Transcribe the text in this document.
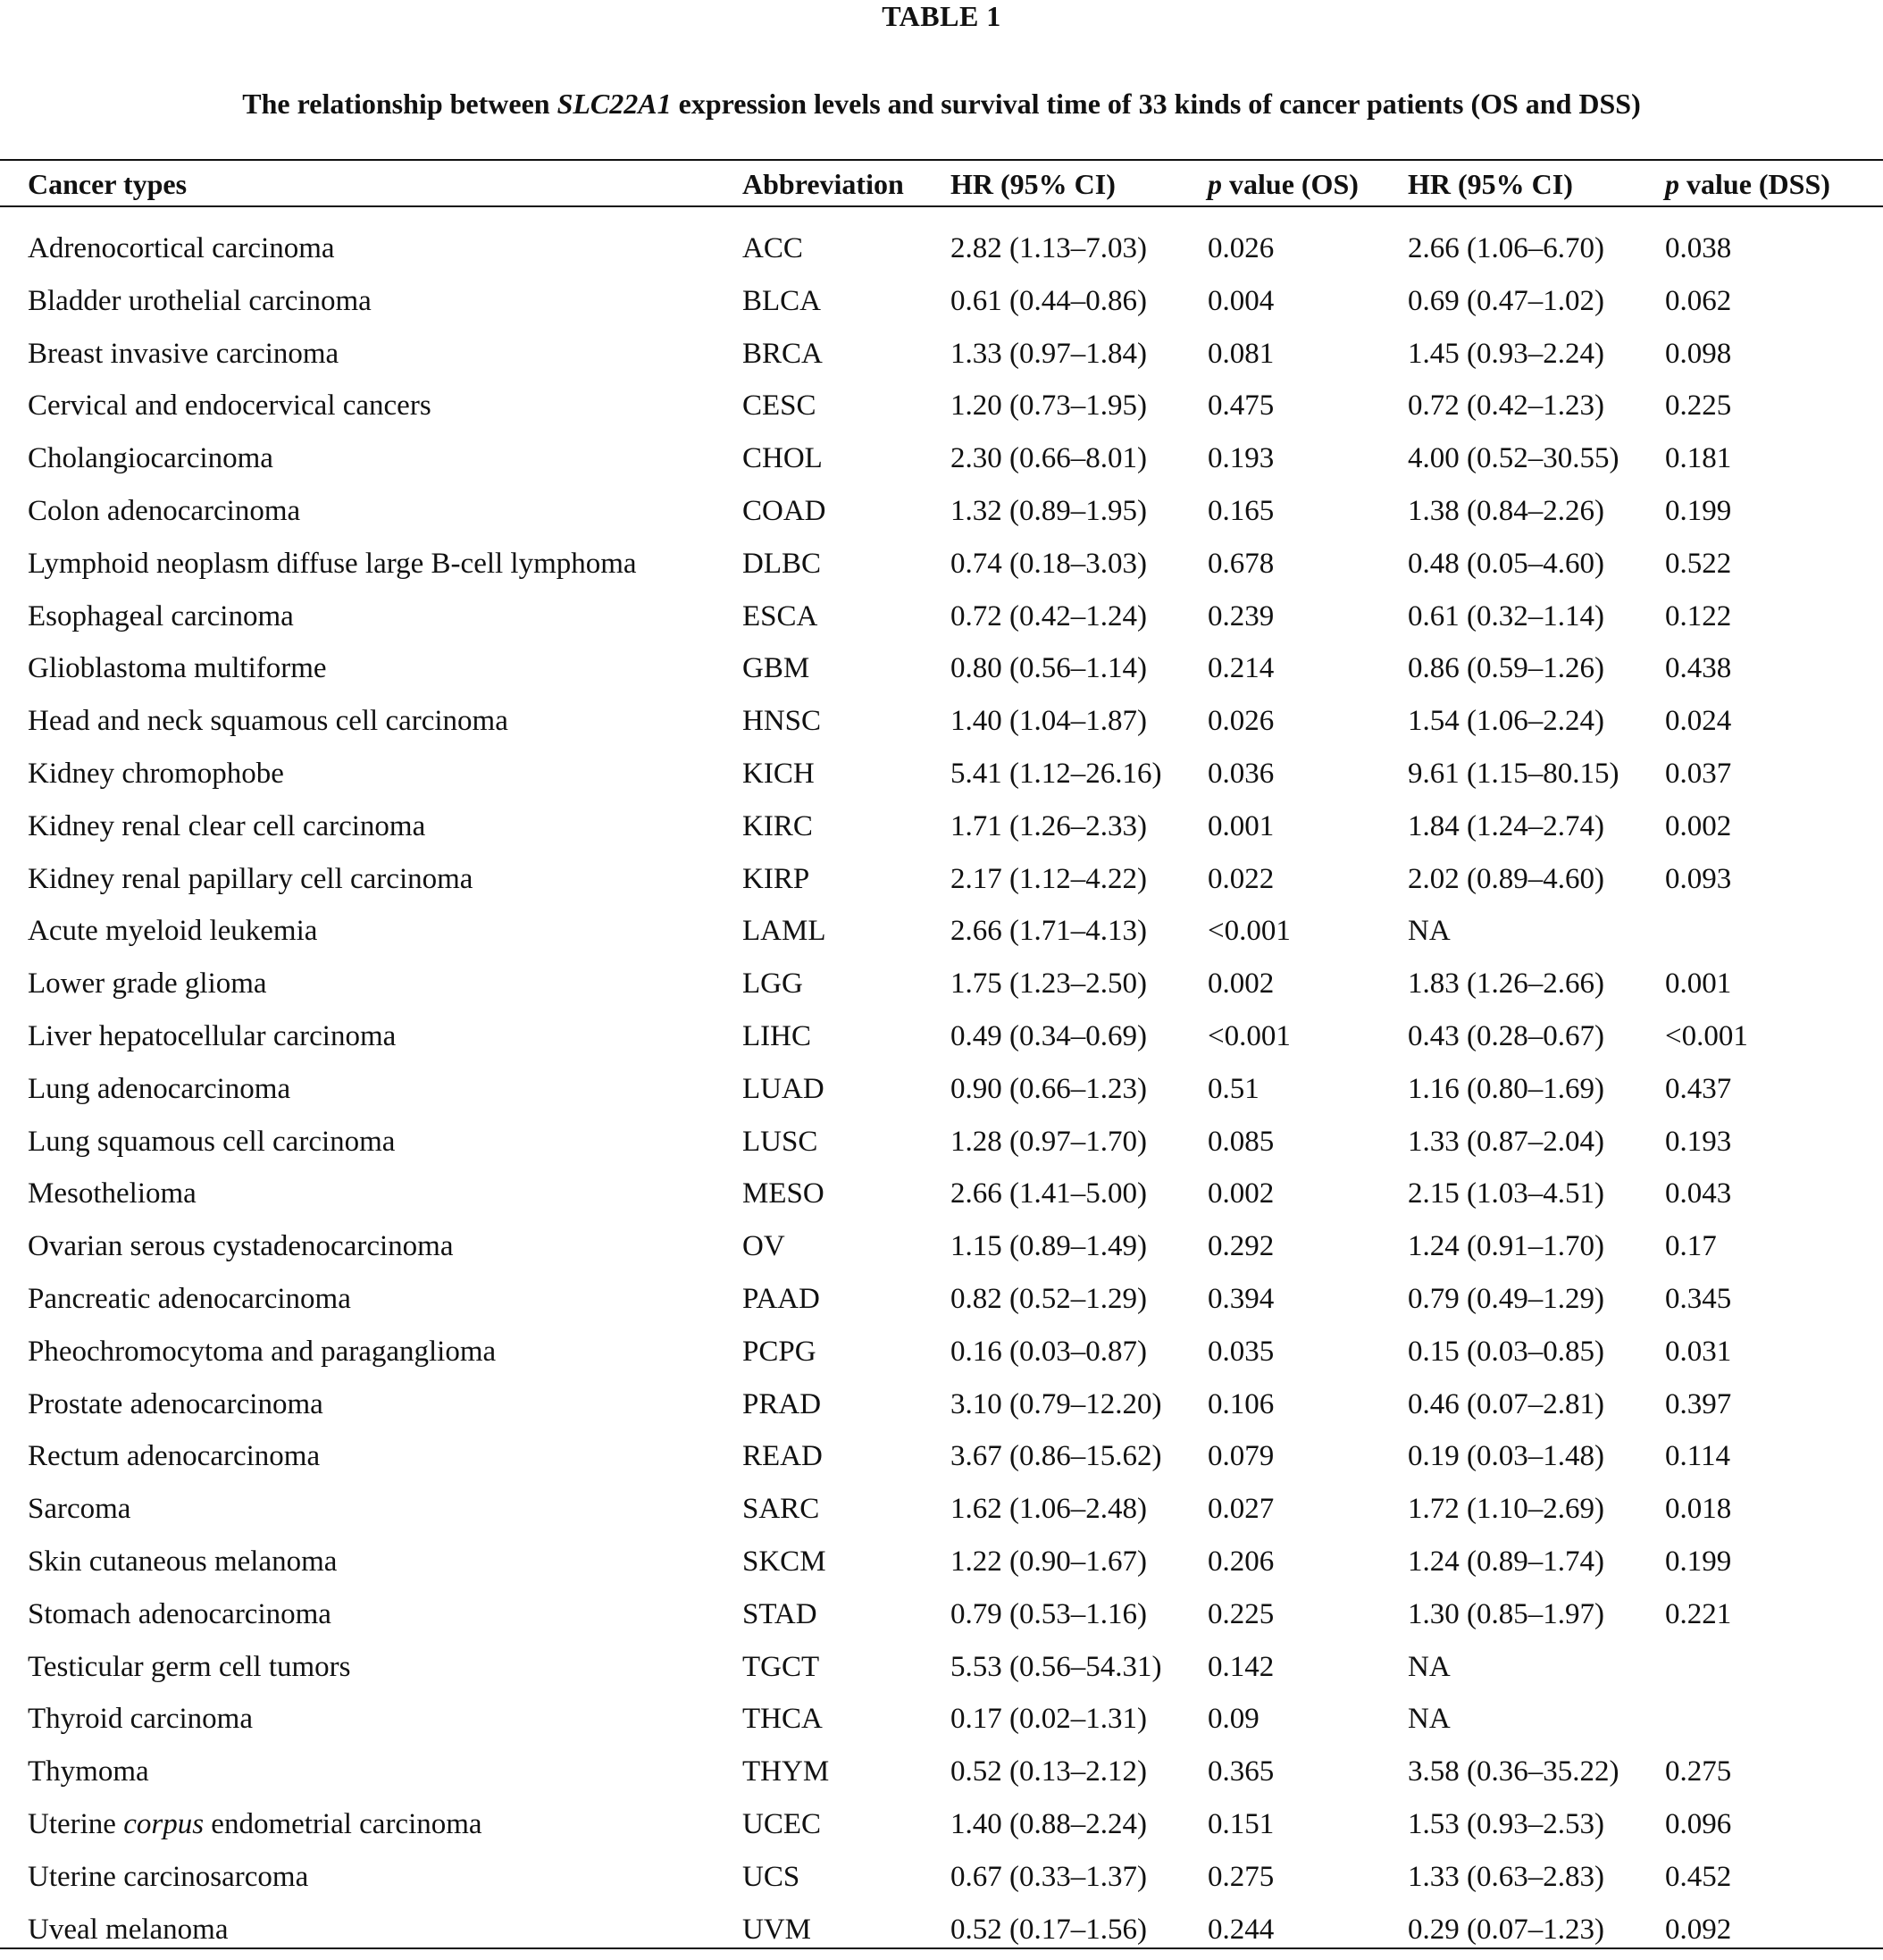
TABLE 1
The relationship between SLC22A1 expression levels and survival time of 33 kinds of cancer patients (OS and DSS)
Cancer types	Abbreviation HR (95% CI)	p value (OS) HR (95% CI)	p value (DSS)
Adrenocortical carcinoma	ACC	2.82 (1.13–7.03) 0.026	2.66 (1.06–6.70) 0.038
Bladder urothelial carcinoma	BLCA	0.61 (0.44–0.86) 0.004	0.69 (0.47–1.02) 0.062
Breast invasive carcinoma	BRCA	1.33 (0.97–1.84) 0.081	1.45 (0.93–2.24) 0.098
Cervical and endocervical cancers	CESC	1.20 (0.73–1.95) 0.475	0.72 (0.42–1.23) 0.225
Cholangiocarcinoma	CHOL	2.30 (0.66–8.01) 0.193	4.00 (0.52–30.55) 0.181
Colon adenocarcinoma	COAD	1.32 (0.89–1.95) 0.165	1.38 (0.84–2.26) 0.199
Lymphoid neoplasm diffuse large B-cell lymphoma	DLBC	0.74 (0.18–3.03) 0.678	0.48 (0.05–4.60) 0.522
Esophageal carcinoma	ESCA	0.72 (0.42–1.24) 0.239	0.61 (0.32–1.14) 0.122
Glioblastoma multiforme	GBM	0.80 (0.56–1.14) 0.214	0.86 (0.59–1.26) 0.438
Head and neck squamous cell carcinoma	HNSC	1.40 (1.04–1.87) 0.026	1.54 (1.06–2.24) 0.024
Kidney chromophobe	KICH	5.41 (1.12–26.16) 0.036	9.61 (1.15–80.15) 0.037
Kidney renal clear cell carcinoma	KIRC	1.71 (1.26–2.33) 0.001	1.84 (1.24–2.74) 0.002
Kidney renal papillary cell carcinoma	KIRP	2.17 (1.12–4.22) 0.022	2.02 (0.89–4.60) 0.093
Acute myeloid leukemia	LAML	2.66 (1.71–4.13) <0.001	NA
Lower grade glioma	LGG	1.75 (1.23–2.50) 0.002	1.83 (1.26–2.66) 0.001
Liver hepatocellular carcinoma	LIHC	0.49 (0.34–0.69) <0.001	0.43 (0.28–0.67) <0.001
Lung adenocarcinoma	LUAD	0.90 (0.66–1.23) 0.51	1.16 (0.80–1.69) 0.437
Lung squamous cell carcinoma	LUSC	1.28 (0.97–1.70) 0.085	1.33 (0.87–2.04) 0.193
Mesothelioma	MESO	2.66 (1.41–5.00) 0.002	2.15 (1.03–4.51) 0.043
Ovarian serous cystadenocarcinoma	OV	1.15 (0.89–1.49) 0.292	1.24 (0.91–1.70) 0.17
Pancreatic adenocarcinoma	PAAD	0.82 (0.52–1.29) 0.394	0.79 (0.49–1.29) 0.345
Pheochromocytoma and paraganglioma	PCPG	0.16 (0.03–0.87) 0.035	0.15 (0.03–0.85) 0.031
Prostate adenocarcinoma	PRAD	3.10 (0.79–12.20) 0.106	0.46 (0.07–2.81) 0.397
Rectum adenocarcinoma	READ	3.67 (0.86–15.62) 0.079	0.19 (0.03–1.48) 0.114
Sarcoma	SARC	1.62 (1.06–2.48) 0.027	1.72 (1.10–2.69) 0.018
Skin cutaneous melanoma	SKCM	1.22 (0.90–1.67) 0.206	1.24 (0.89–1.74) 0.199
Stomach adenocarcinoma	STAD	0.79 (0.53–1.16) 0.225	1.30 (0.85–1.97) 0.221
Testicular germ cell tumors	TGCT	5.53 (0.56–54.31) 0.142	NA
Thyroid carcinoma	THCA	0.17 (0.02–1.31) 0.09	NA
Thymoma	THYM	0.52 (0.13–2.12) 0.365	3.58 (0.36–35.22) 0.275
Uterine corpus endometrial carcinoma	UCEC	1.40 (0.88–2.24) 0.151	1.53 (0.93–2.53) 0.096
Uterine carcinosarcoma	UCS	0.67 (0.33–1.37) 0.275	1.33 (0.63–2.83) 0.452
Uveal melanoma	UVM	0.52 (0.17–1.56) 0.244	0.29 (0.07–1.23) 0.092
